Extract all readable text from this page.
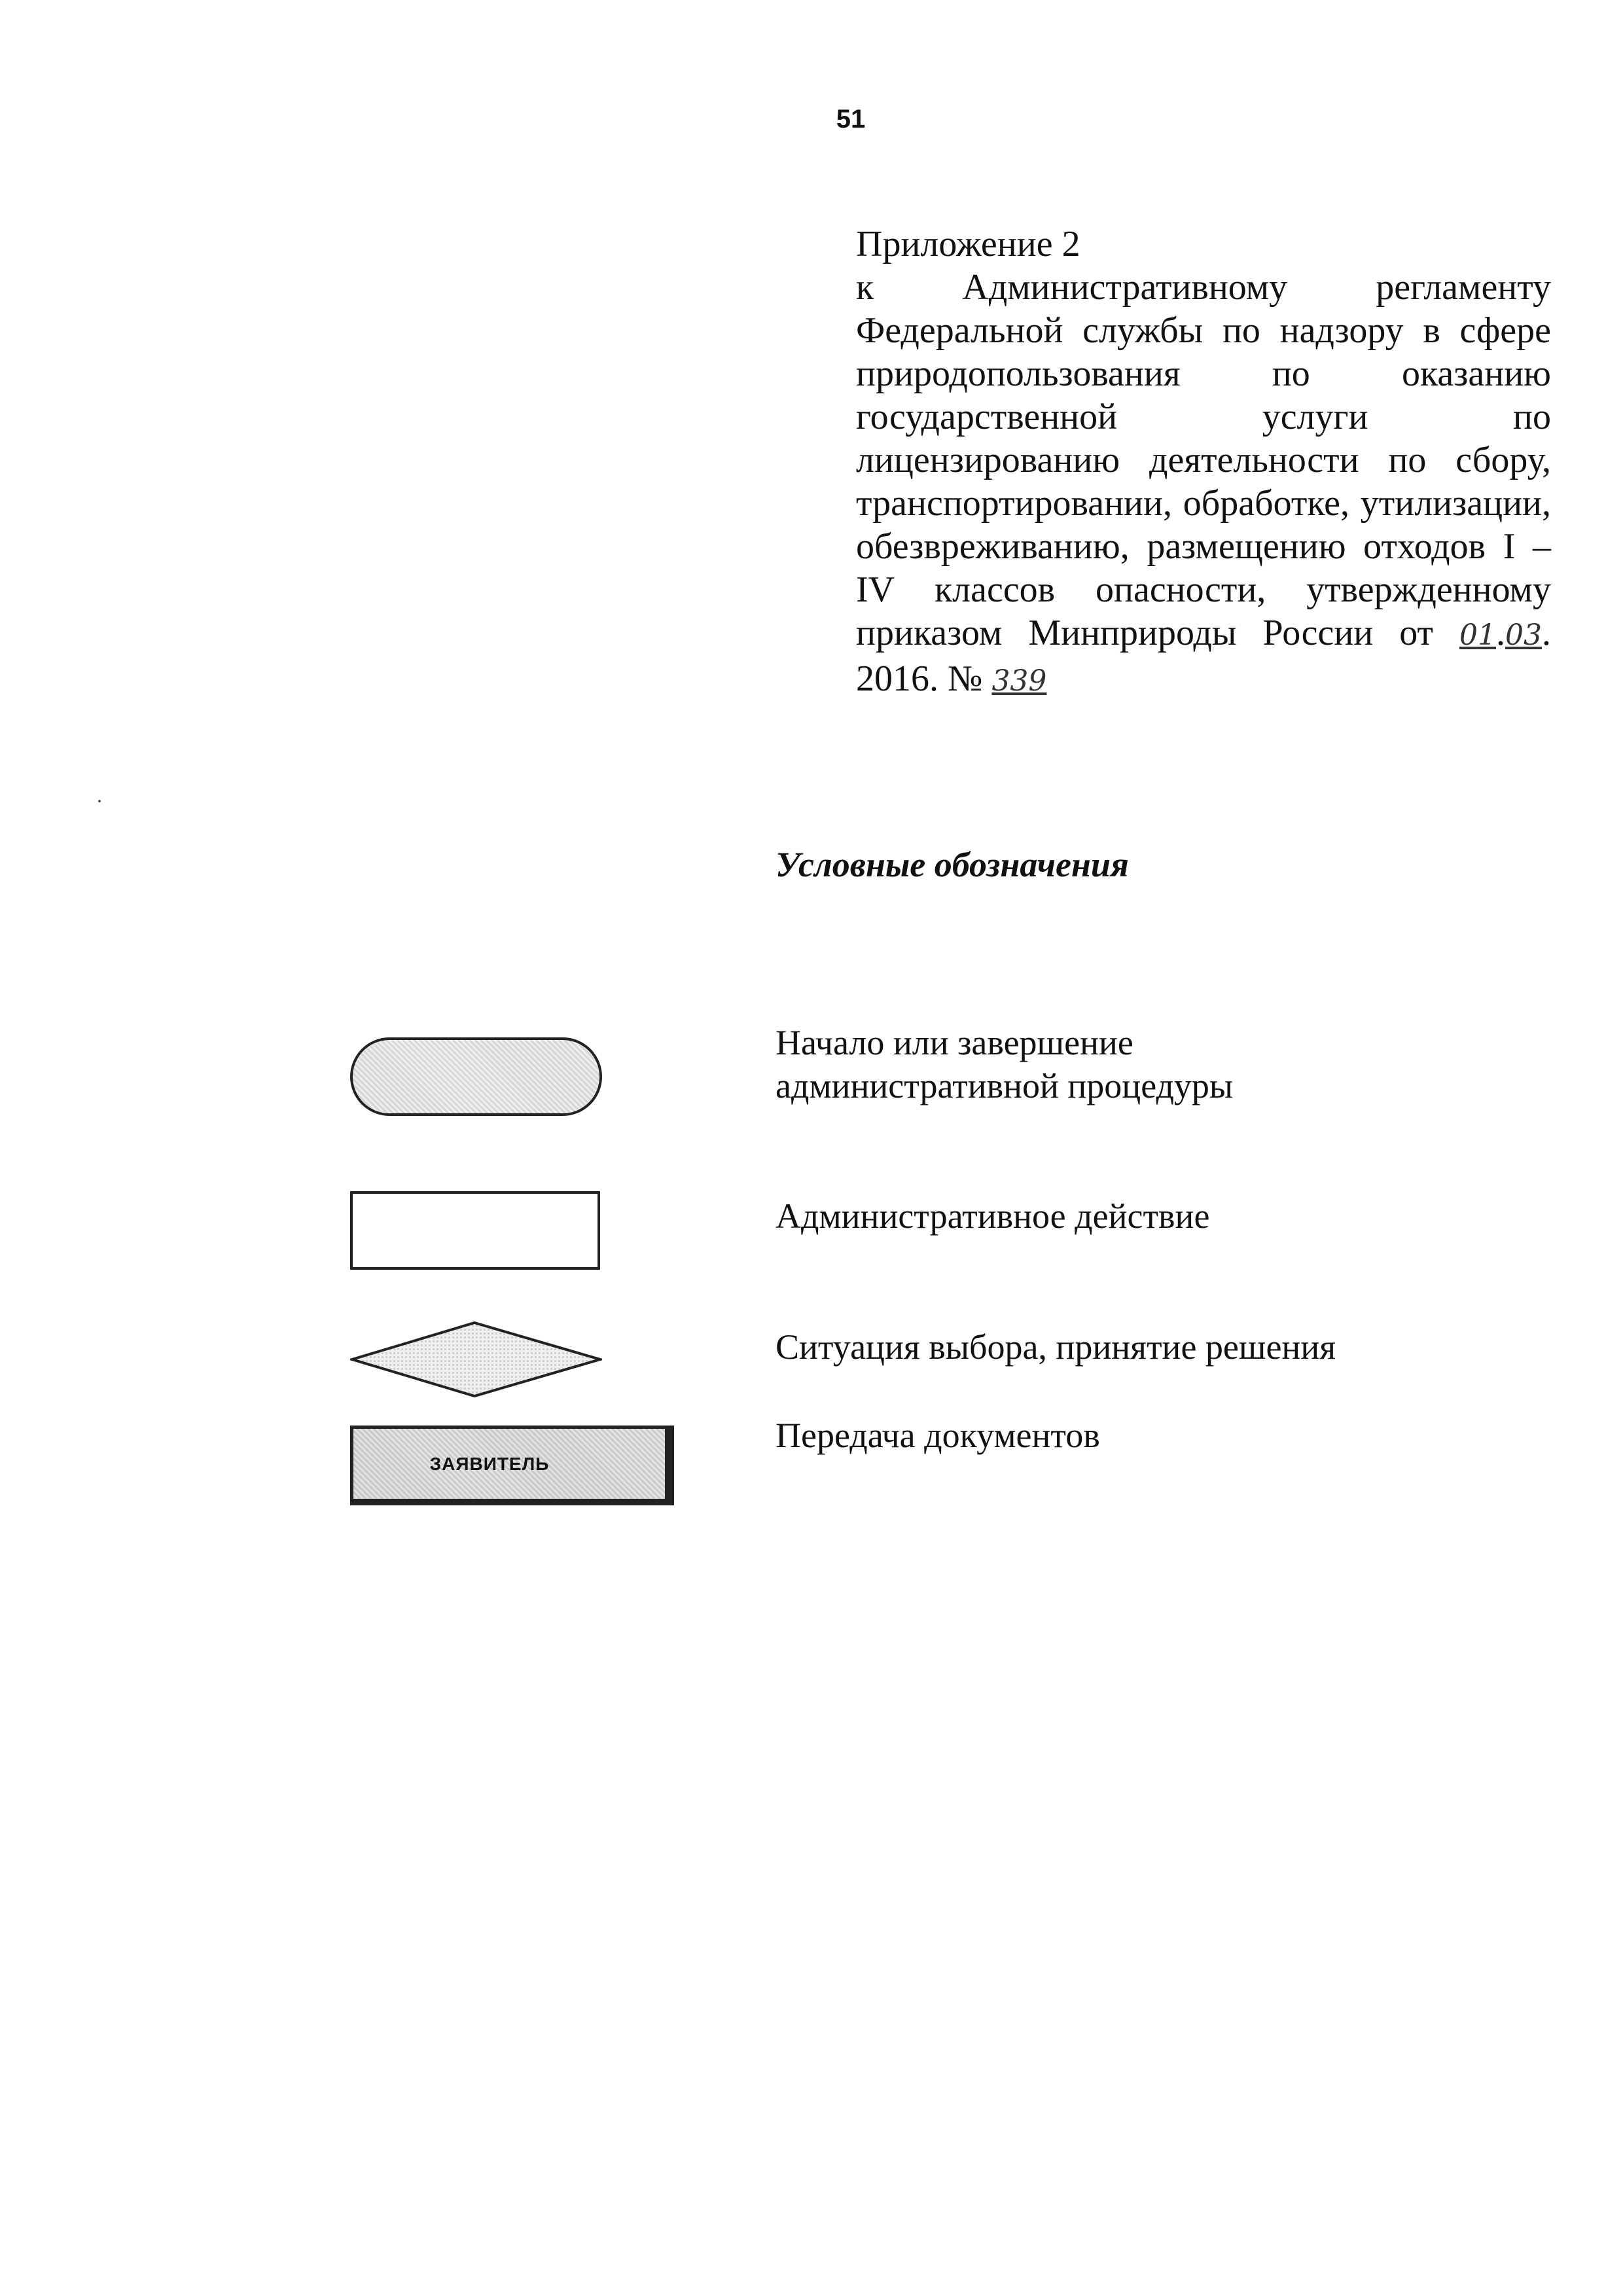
51
Приложение 2

к Административному регламенту Федеральной службы по надзору в сфере природопользования по оказанию государственной услуги по лицензированию деятельности по сбору, транспортировании, обработке, утилизации, обезвреживанию, размещению отходов I – IV классов опасности, утвержденному приказом Минприроды России от 01.03. 2016. № 339

Условные обозначения
Начало или завершение административной процедуры
Административное действие
Ситуация выбора, принятие решения
ЗАЯВИТЕЛЬ
Передача документов
